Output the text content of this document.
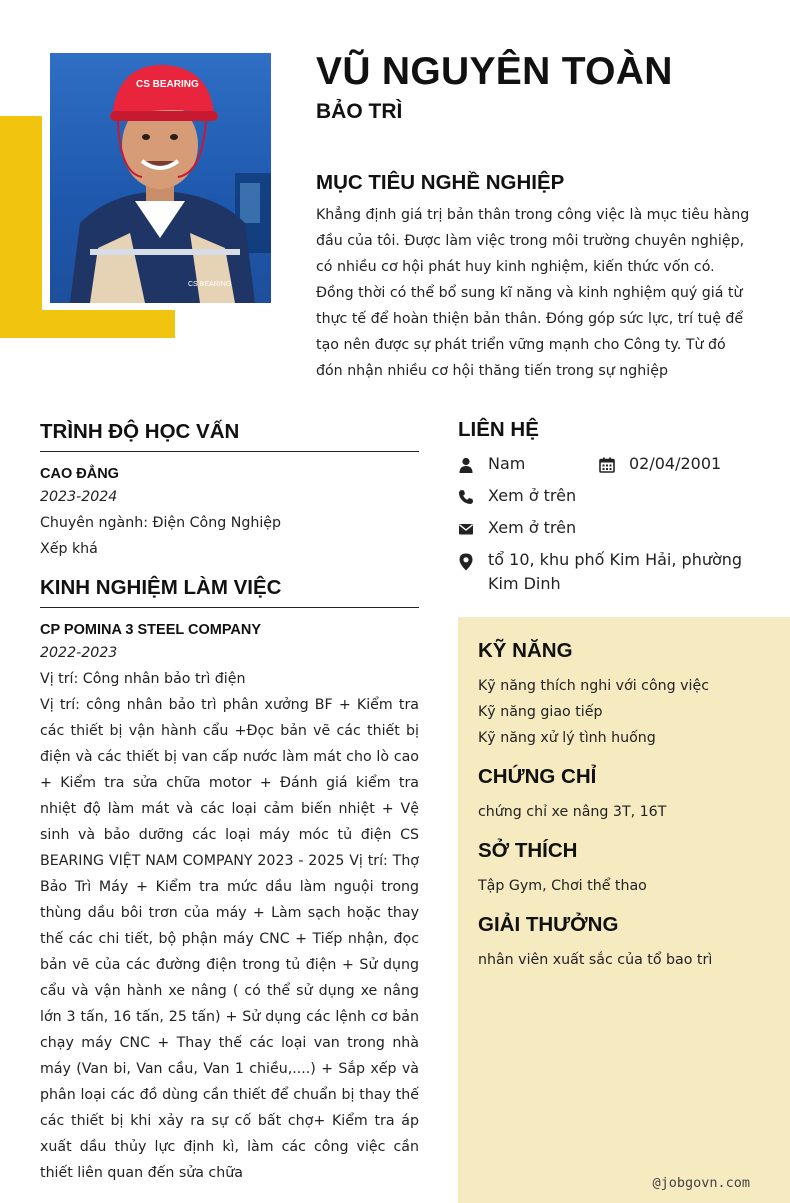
CS BEARING
CS BEARING
VŨ NGUYÊN TOÀN
BẢO TRÌ
MỤC TIÊU NGHỀ NGHIỆP
Khẳng định giá trị bản thân trong công việc là mục tiêu hàng đầu của tôi. Được làm việc trong môi trường chuyên nghiệp, có nhiều cơ hội phát huy kinh nghiệm, kiến thức vốn có. Đồng thời có thể bổ sung kĩ năng và kinh nghiệm quý giá từ thực tế để hoàn thiện bản thân. Đóng góp sức lực, trí tuệ để tạo nên được sự phát triển vững mạnh cho Công ty. Từ đó đón nhận nhiều cơ hội thăng tiến trong sự nghiệp
TRÌNH ĐỘ HỌC VẤN
CAO ĐẲNG
2023-2024
Chuyên ngành: Điện Công Nghiệp
Xếp khá
KINH NGHIỆM LÀM VIỆC
CP POMINA 3 STEEL COMPANY
2022-2023
Vị trí: Công nhân bảo trì điện
Vị trí: công nhân bảo trì phân xưởng BF + Kiểm tra các thiết bị vận hành cẩu +Đọc bản vẽ các thiết bị điện và các thiết bị van cấp nước làm mát cho lò cao + Kiểm tra sửa chữa motor + Đánh giá kiểm tra nhiệt độ làm mát và các loại cảm biến nhiệt + Vệ sinh và bảo dưỡng các loại máy móc tủ điện CS BEARING VIỆT NAM COMPANY 2023 - 2025 Vị trí: Thợ Bảo Trì Máy + Kiểm tra mức dầu làm nguội trong thùng dầu bôi trơn của máy + Làm sạch hoặc thay thế các chi tiết, bộ phận máy CNC + Tiếp nhận, đọc bản vẽ của các đường điện trong tủ điện + Sử dụng cẩu và vận hành xe nâng ( có thể sử dụng xe nâng lớn 3 tấn, 16 tấn, 25 tấn) + Sử dụng các lệnh cơ bản chạy máy CNC + Thay thế các loại van trong nhà máy (Van bi, Van cầu, Van 1 chiều,....) + Sắp xếp và phân loại các đồ dùng cần thiết để chuẩn bị thay thế các thiết bị khi xảy ra sự cố bất chợ+ Kiểm tra áp xuất dầu thủy lực định kì, làm các công việc cần thiết liên quan đến sửa chữa
LIÊN HỆ
Nam	02/04/2001
Xem ở trên
Xem ở trên
tổ 10, khu phố Kim Hải, phường Kim Dinh
KỸ NĂNG
Kỹ năng thích nghi với công việc
Kỹ năng giao tiếp
Kỹ năng xử lý tình huống
CHỨNG CHỈ
chứng chỉ xe nâng 3T, 16T
SỞ THÍCH
Tập Gym, Chơi thể thao
GIẢI THƯỞNG
nhân viên xuất sắc của tổ bao trì
@jobgovn.com
